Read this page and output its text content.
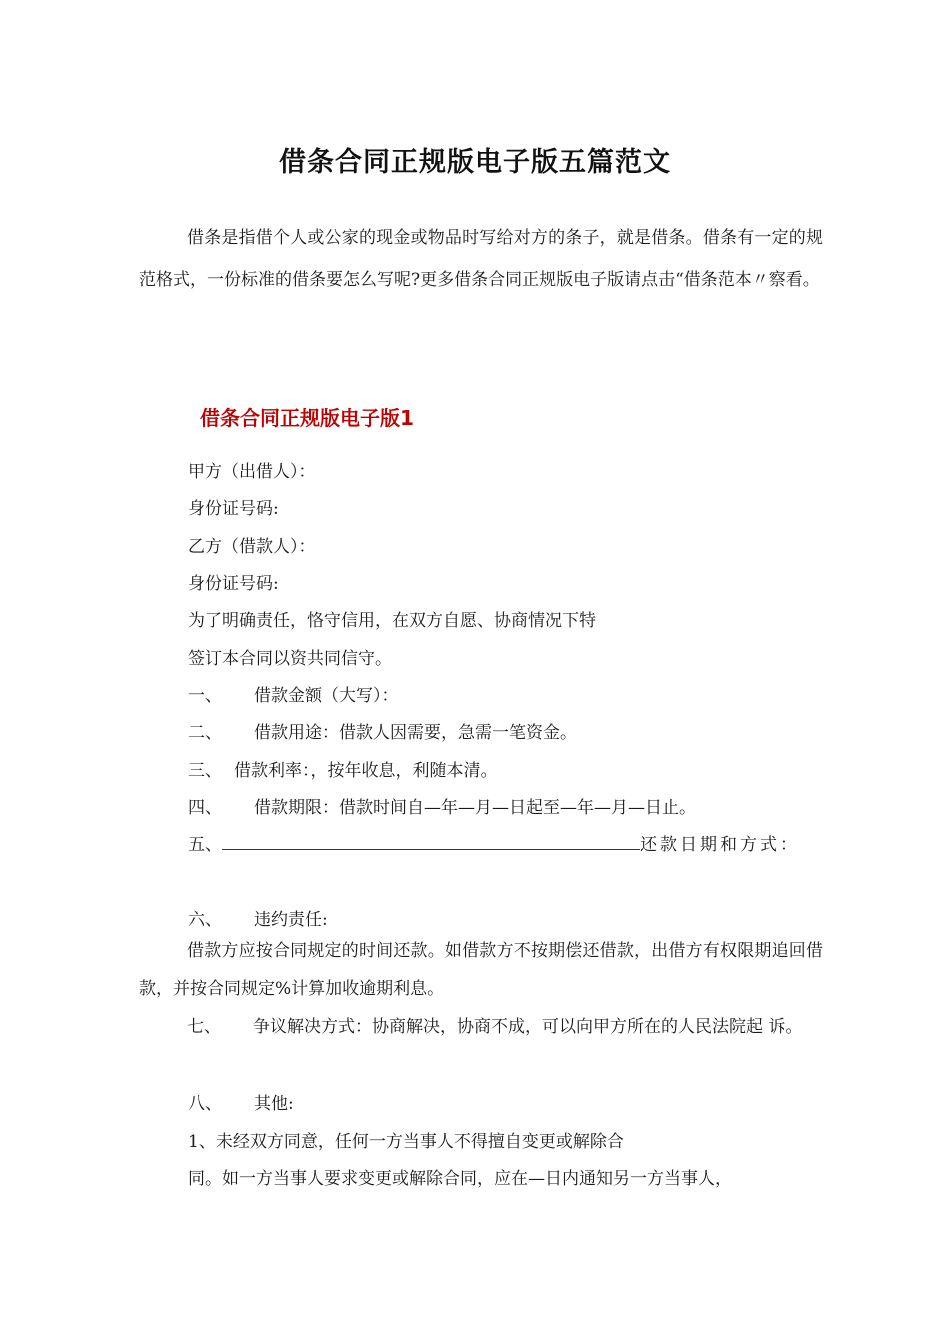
借条合同正规版电子版五篇范文
借条是指借个人或公家的现金或物品时写给对方的条子，就是借条。借条有一定的规范格式，一份标准的借条要怎么写呢?更多借条合同正规版电子版请点击“借条范本〃察看。
借条合同正规版电子版1
甲方（出借人）：
身份证号码:
乙方（借款人）：
身份证号码:
为了明确责任，恪守信用，在双方自愿、协商情况下特
签订本合同以资共同信守。
一、 借款金额（大写）：
二、 借款用途：借款人因需要，急需一笔资金。
三、 借款利率：，按年收息，利随本清。
四、 借款期限：借款时间自—年—月—日起至—年—月—日止。
五、	还款日期和方式：
六、 违约责任:
借款方应按合同规定的时间还款。如借款方不按期偿还借款，出借方有权限期追回借款，并按合同规定%计算加收逾期利息。
七、 争议解决方式：协商解决，协商不成，可以向甲方所在的人民法院起 诉。
八、 其他:
1、未经双方同意，任何一方当事人不得擅自变更或解除合
同。如一方当事人要求变更或解除合同，应在—日内通知另一方当事人，
